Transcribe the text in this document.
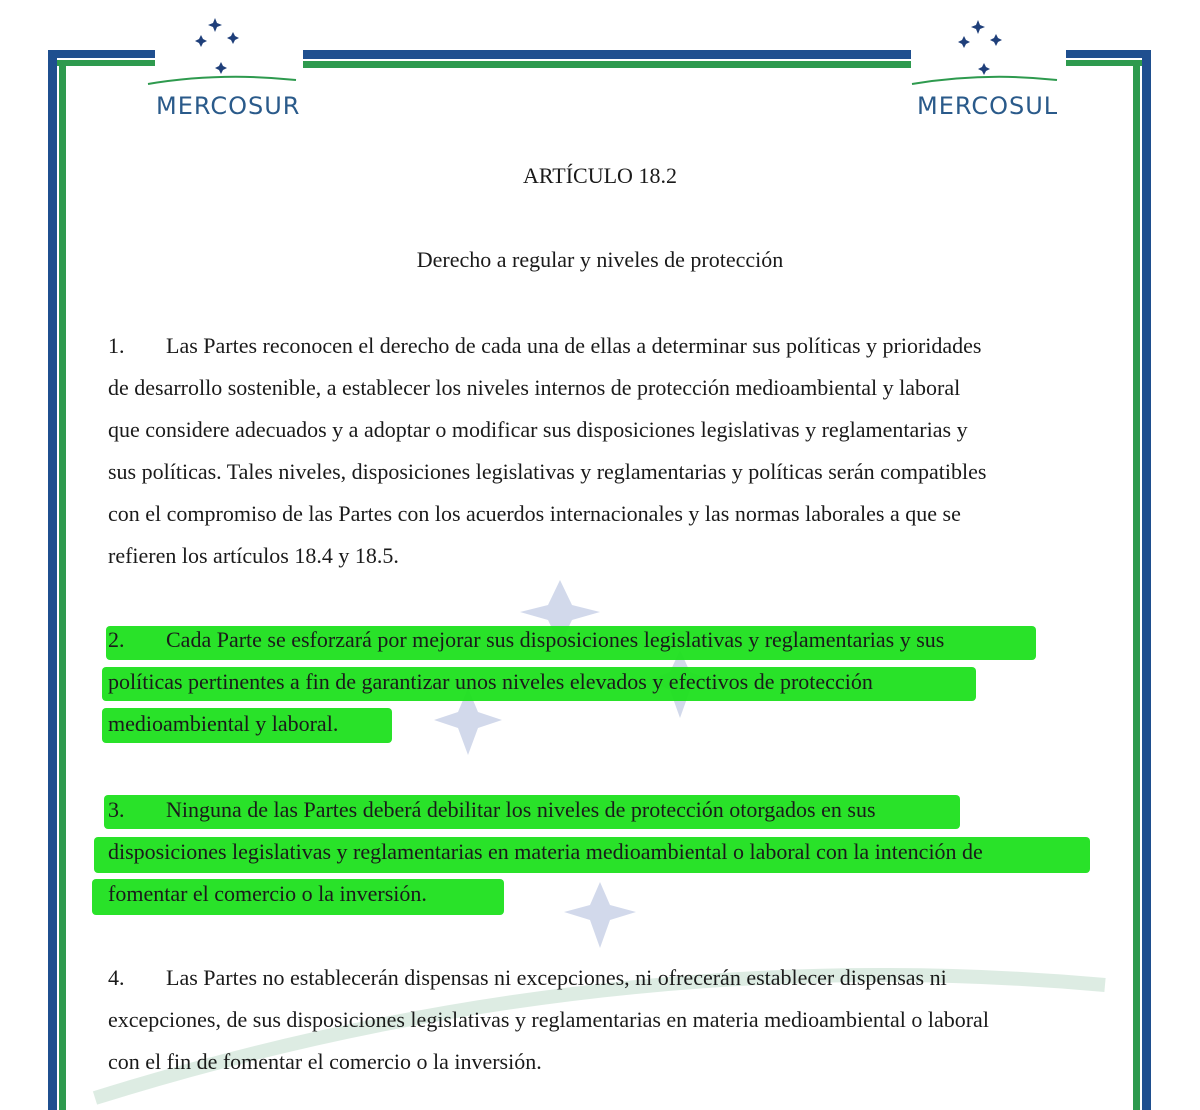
MERCOSUR	MERCOSUL
ARTÍCULO 18.2
Derecho a regular y niveles de protección
1. Las Partes reconocen el derecho de cada una de ellas a determinar sus políticas y prioridades
de desarrollo sostenible, a establecer los niveles internos de protección medioambiental y laboral
que considere adecuados y a adoptar o modificar sus disposiciones legislativas y reglamentarias y
sus políticas. Tales niveles, disposiciones legislativas y reglamentarias y políticas serán compatibles
con el compromiso de las Partes con los acuerdos internacionales y las normas laborales a que se
refieren los artículos 18.4 y 18.5.
2. Cada Parte se esforzará por mejorar sus disposiciones legislativas y reglamentarias y sus
políticas pertinentes a fin de garantizar unos niveles elevados y efectivos de protección
medioambiental y laboral.
3. Ninguna de las Partes deberá debilitar los niveles de protección otorgados en sus
disposiciones legislativas y reglamentarias en materia medioambiental o laboral con la intención de
fomentar el comercio o la inversión.
4. Las Partes no establecerán dispensas ni excepciones, ni ofrecerán establecer dispensas ni
excepciones, de sus disposiciones legislativas y reglamentarias en materia medioambiental o laboral
con el fin de fomentar el comercio o la inversión.
